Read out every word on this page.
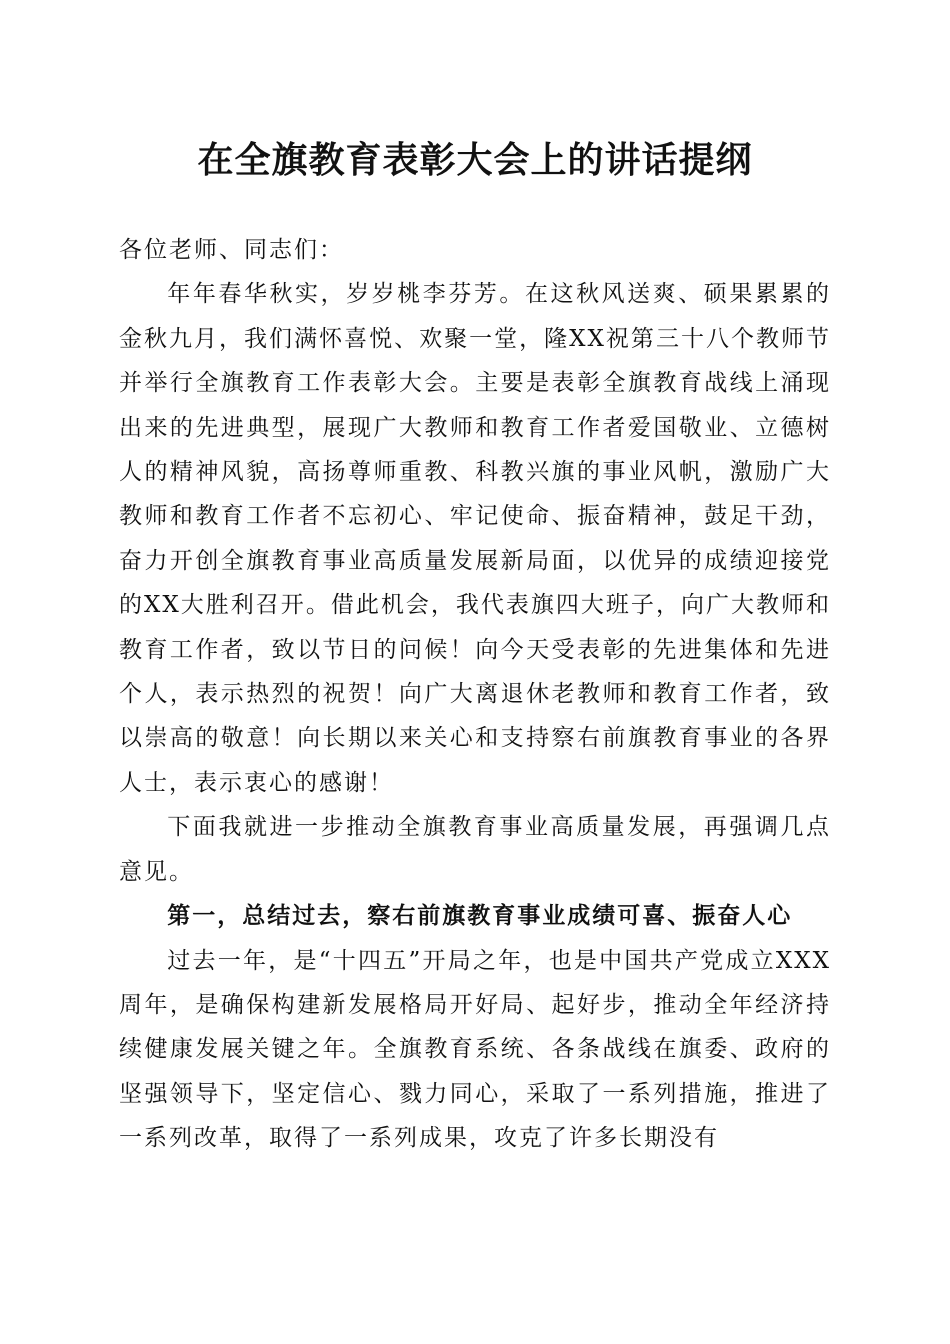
在全旗教育表彰大会上的讲话提纲

各位老师、同志们：

年年春华秋实，岁岁桃李芬芳。在这秋风送爽、硕果累累的金秋九月，我们满怀喜悦、欢聚一堂，隆XX祝第三十八个教师节并举行全旗教育工作表彰大会。主要是表彰全旗教育战线上涌现出来的先进典型，展现广大教师和教育工作者爱国敬业、立德树人的精神风貌，高扬尊师重教、科教兴旗的事业风帆，激励广大教师和教育工作者不忘初心、牢记使命、振奋精神，鼓足干劲，奋力开创全旗教育事业高质量发展新局面，以优异的成绩迎接党的XX大胜利召开。借此机会，我代表旗四大班子，向广大教师和教育工作者，致以节日的问候！向今天受表彰的先进集体和先进个人，表示热烈的祝贺！向广大离退休老教师和教育工作者，致以崇高的敬意！向长期以来关心和支持察右前旗教育事业的各界人士，表示衷心的感谢！

下面我就进一步推动全旗教育事业高质量发展，再强调几点意见。

第一，总结过去，察右前旗教育事业成绩可喜、振奋人心

过去一年，是“十四五”开局之年，也是中国共产党成立XXX周年，是确保构建新发展格局开好局、起好步，推动全年经济持续健康发展关键之年。全旗教育系统、各条战线在旗委、政府的坚强领导下，坚定信心、戮力同心，采取了一系列措施，推进了一系列改革，取得了一系列成果，攻克了许多长期没有
